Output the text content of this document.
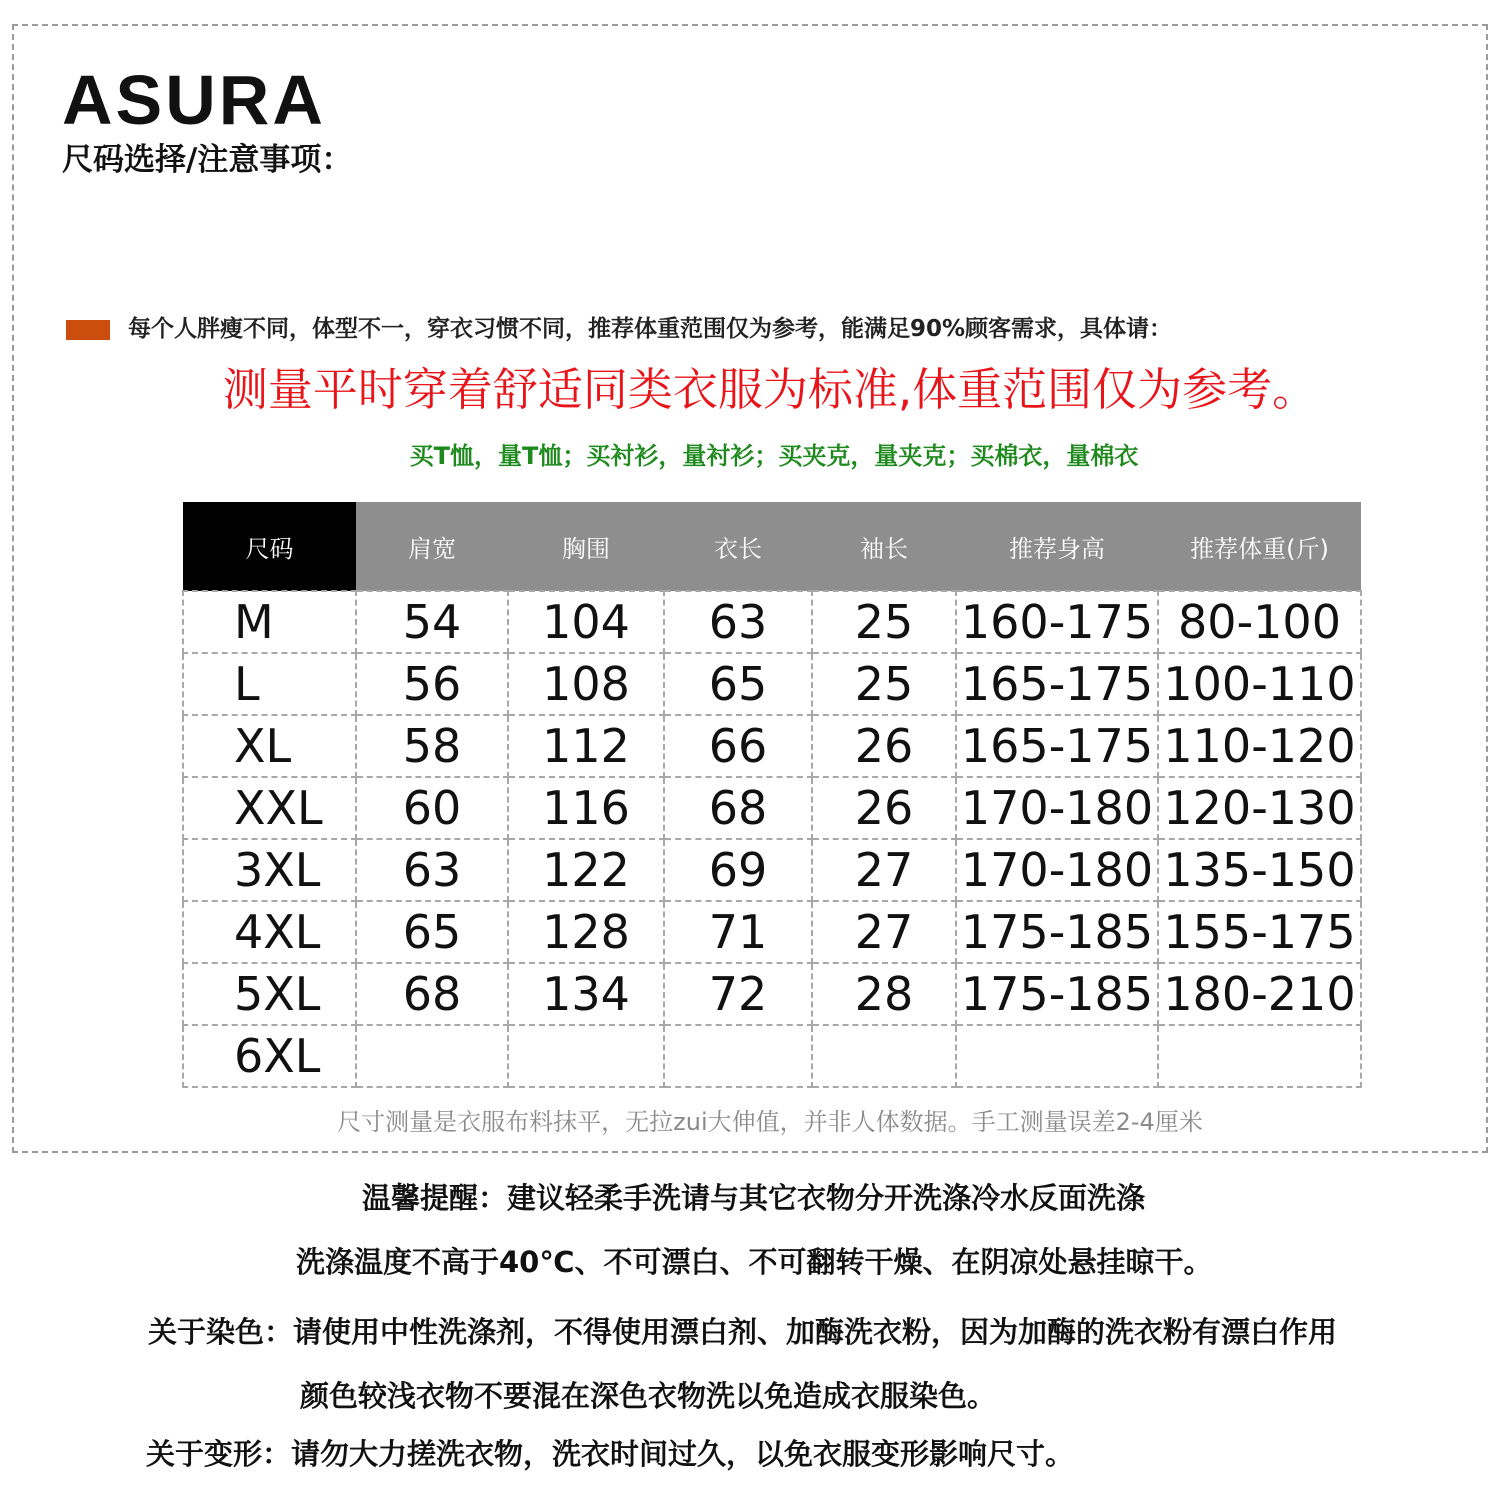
ASURA
尺码选择/注意事项：
每个人胖瘦不同，体型不一，穿衣习惯不同，推荐体重范围仅为参考，能满足90%顾客需求，具体请：
测量平时穿着舒适同类衣服为标准,体重范围仅为参考。
买T恤，量T恤；买衬衫，量衬衫；买夹克，量夹克；买棉衣，量棉衣
尺码	肩宽	胸围	衣长	袖长	推荐身高	推荐体重(斤)
M	54	104	63	25	160-175	80-100
L	56	108	65	25	165-175	100-110
XL	58	112	66	26	165-175	110-120
XXL	60	116	68	26	170-180	120-130
3XL	63	122	69	27	170-180	135-150
4XL	65	128	71	27	175-185	155-175
5XL	68	134	72	28	175-185	180-210
6XL						
尺寸测量是衣服布料抹平，无拉zui大伸值，并非人体数据。手工测量误差2-4厘米
温馨提醒：建议轻柔手洗请与其它衣物分开洗涤冷水反面洗涤
洗涤温度不高于40℃、不可漂白、不可翻转干燥、在阴凉处悬挂晾干。
关于染色：请使用中性洗涤剂，不得使用漂白剂、加酶洗衣粉，因为加酶的洗衣粉有漂白作用
颜色较浅衣物不要混在深色衣物洗以免造成衣服染色。
关于变形：请勿大力搓洗衣物，洗衣时间过久，以免衣服变形影响尺寸。
